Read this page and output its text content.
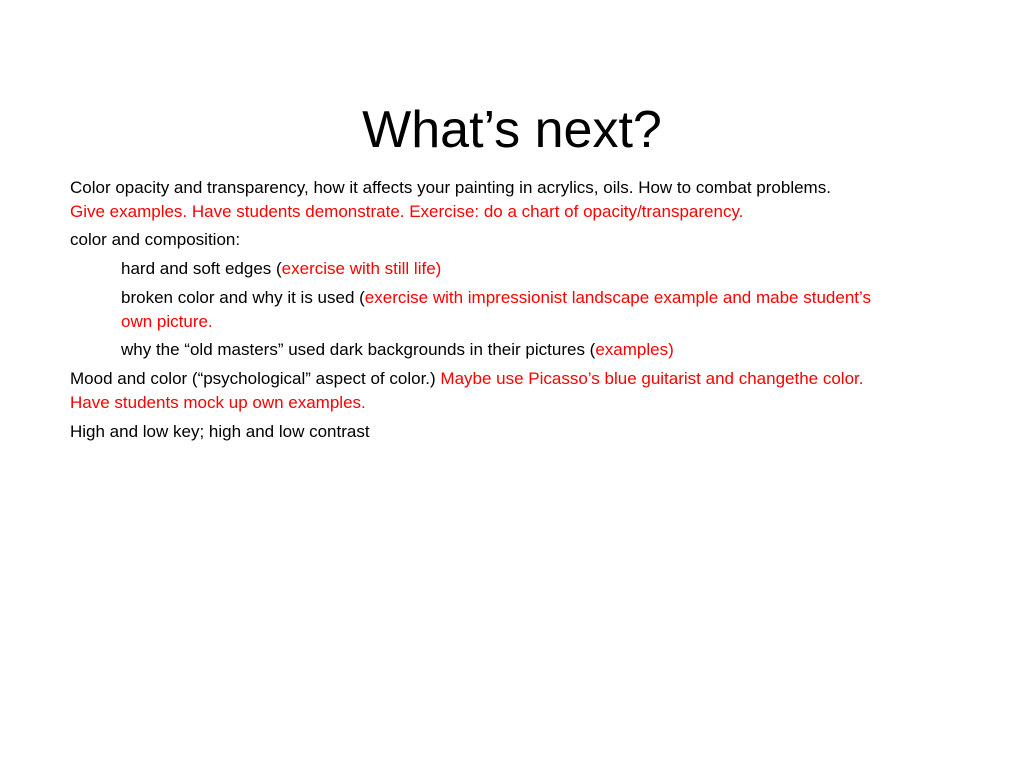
What’s next?
Color opacity and transparency, how it affects your painting in acrylics, oils. How to combat problems.
Give examples. Have students demonstrate. Exercise: do a chart of opacity/transparency.
color and composition:
hard and soft edges (exercise with still life)
broken color and why it is used (exercise with impressionist landscape example and mabe student’s
own picture.
why the “old masters” used dark backgrounds in their pictures (examples)
Mood and color (“psychological” aspect of color.) Maybe use Picasso’s blue guitarist and changethe color.
Have students mock up own examples.
High and low key; high and low contrast
